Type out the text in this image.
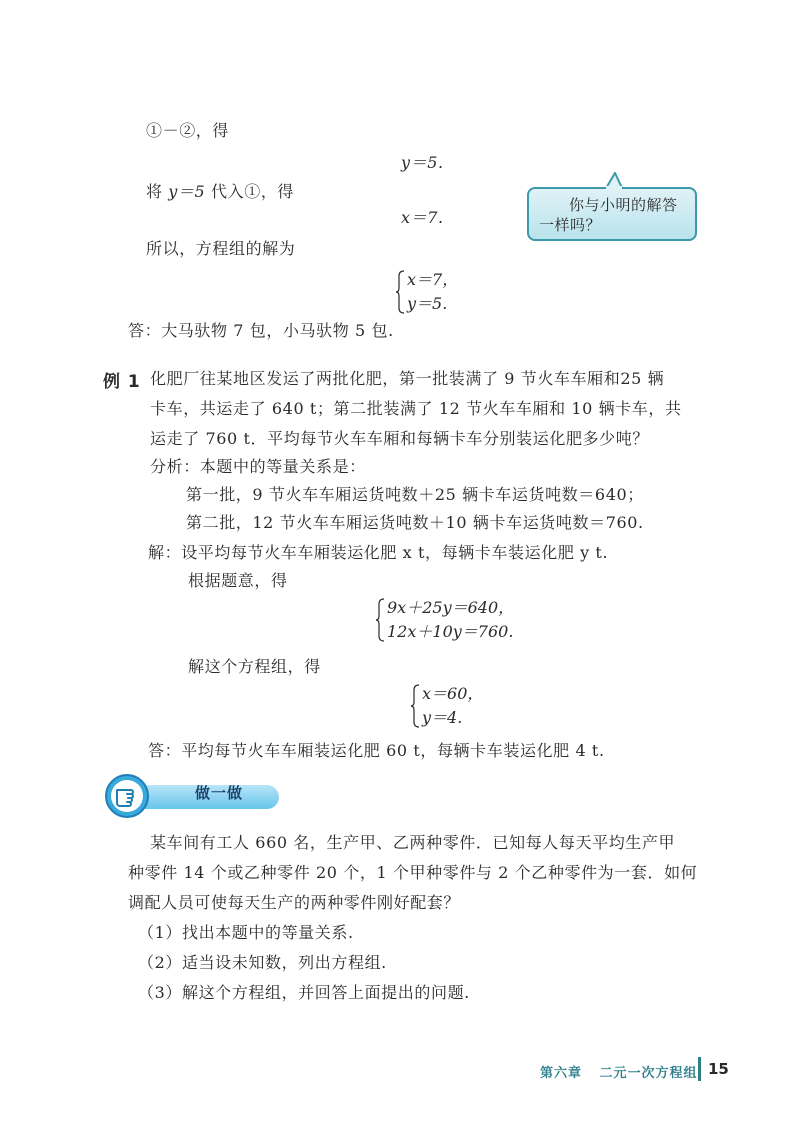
①－②，得
y＝5.
将 y＝5 代入①，得
x＝7.
所以，方程组的解为
x＝7，
y＝5.
答：大马驮物 7 包，小马驮物 5 包.
你与小明的解答一样吗？
例 1 化肥厂往某地区发运了两批化肥，第一批装满了 9 节火车车厢和25 辆
卡车，共运走了 640 t；第二批装满了 12 节火车车厢和 10 辆卡车，共
运走了 760 t．平均每节火车车厢和每辆卡车分别装运化肥多少吨？
分析：本题中的等量关系是：
第一批，9 节火车车厢运货吨数＋25 辆卡车运货吨数＝640；
第二批，12 节火车车厢运货吨数＋10 辆卡车运货吨数＝760.
解：设平均每节火车车厢装运化肥 x t，每辆卡车装运化肥 y t.
根据题意，得
9x＋25y＝640，
12x＋10y＝760.
解这个方程组，得
x＝60，
y＝4.
答：平均每节火车车厢装运化肥 60 t，每辆卡车装运化肥 4 t.
做一做
某车间有工人 660 名，生产甲、乙两种零件．已知每人每天平均生产甲
种零件 14 个或乙种零件 20 个，1 个甲种零件与 2 个乙种零件为一套．如何
调配人员可使每天生产的两种零件刚好配套？
（1）找出本题中的等量关系.
（2）适当设未知数，列出方程组.
（3）解这个方程组，并回答上面提出的问题.
第六章 二元一次方程组 15
